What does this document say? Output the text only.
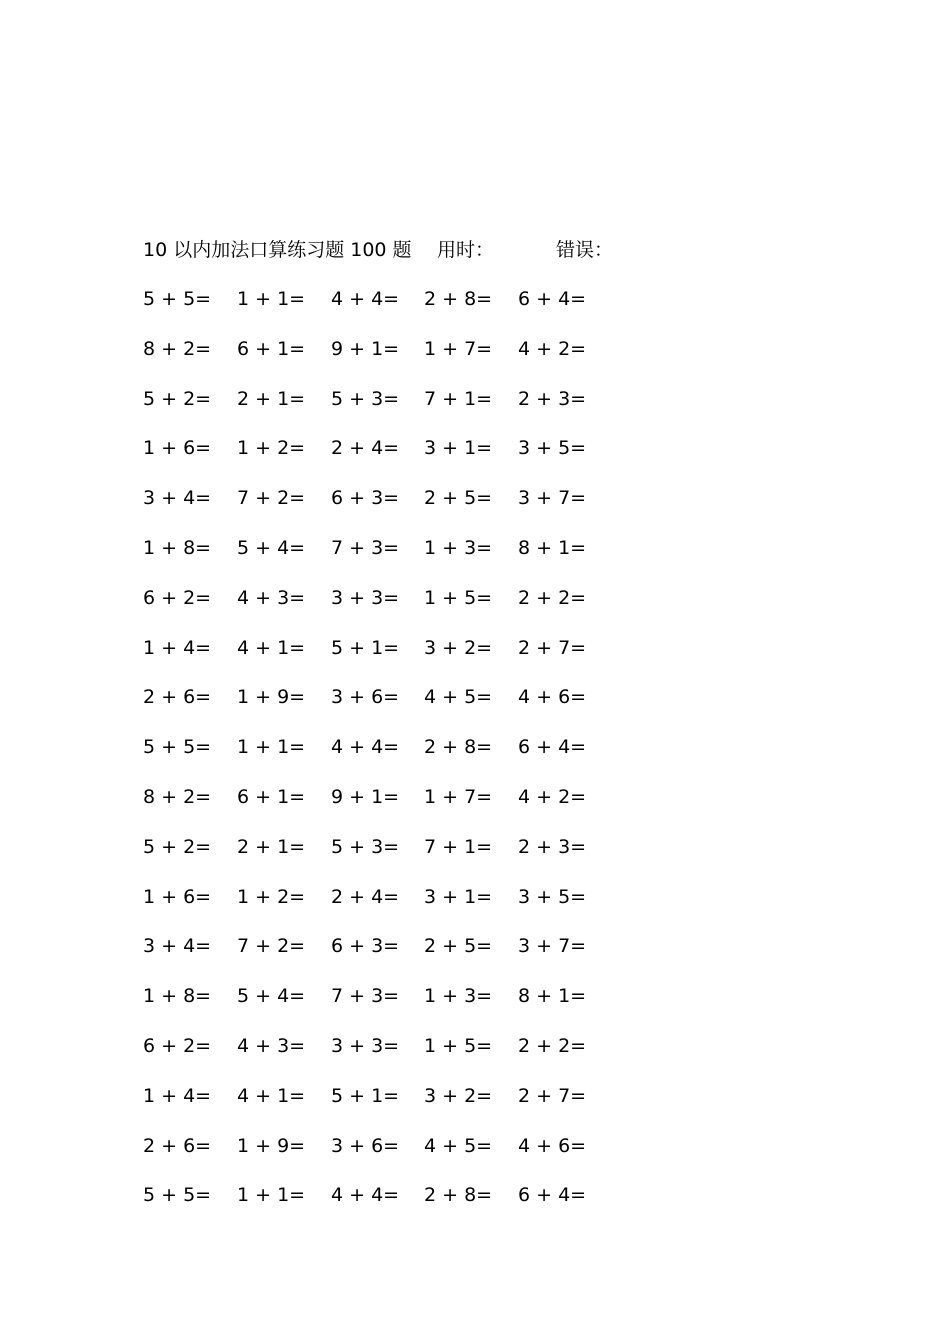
10 以内加法口算练习题 100 题 用时：	错误：
5 + 5=	1 + 1=	4 + 4=	2 + 8=	6 + 4=
8 + 2=	6 + 1=	9 + 1=	1 + 7=	4 + 2=
5 + 2=	2 + 1=	5 + 3=	7 + 1=	2 + 3=
1 + 6=	1 + 2=	2 + 4=	3 + 1=	3 + 5=
3 + 4=	7 + 2=	6 + 3=	2 + 5=	3 + 7=
1 + 8=	5 + 4=	7 + 3=	1 + 3=	8 + 1=
6 + 2=	4 + 3=	3 + 3=	1 + 5=	2 + 2=
1 + 4=	4 + 1=	5 + 1=	3 + 2=	2 + 7=
2 + 6=	1 + 9=	3 + 6=	4 + 5=	4 + 6=
5 + 5=	1 + 1=	4 + 4=	2 + 8=	6 + 4=
8 + 2=	6 + 1=	9 + 1=	1 + 7=	4 + 2=
5 + 2=	2 + 1=	5 + 3=	7 + 1=	2 + 3=
1 + 6=	1 + 2=	2 + 4=	3 + 1=	3 + 5=
3 + 4=	7 + 2=	6 + 3=	2 + 5=	3 + 7=
1 + 8=	5 + 4=	7 + 3=	1 + 3=	8 + 1=
6 + 2=	4 + 3=	3 + 3=	1 + 5=	2 + 2=
1 + 4=	4 + 1=	5 + 1=	3 + 2=	2 + 7=
2 + 6=	1 + 9=	3 + 6=	4 + 5=	4 + 6=
5 + 5=	1 + 1=	4 + 4=	2 + 8=	6 + 4=
